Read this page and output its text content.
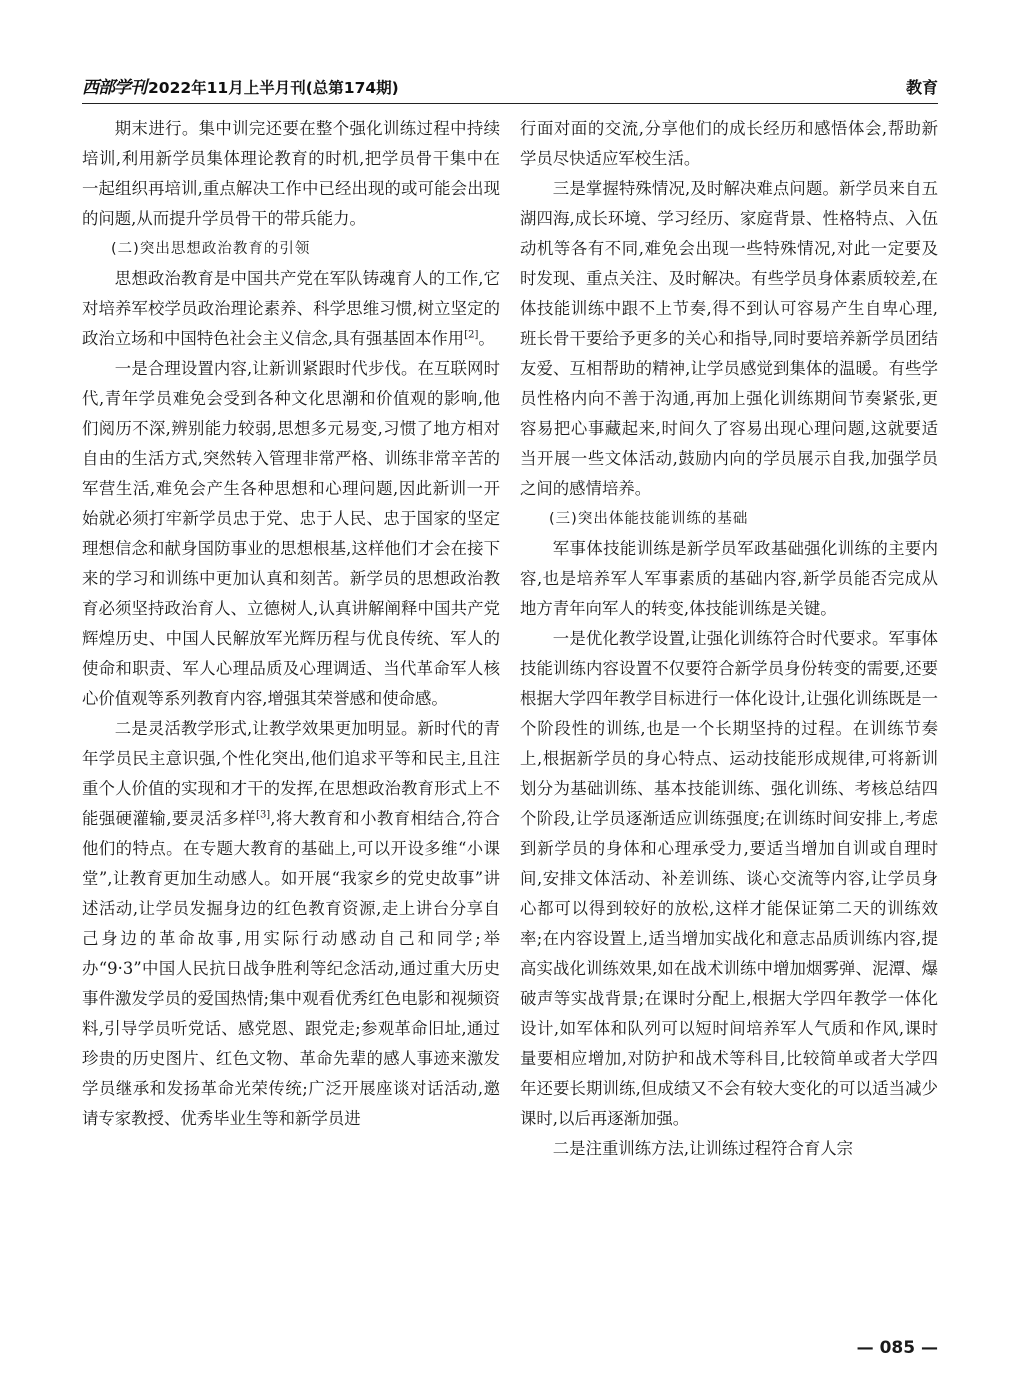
西部学刊 2022年11月上半月刊(总第174期)	教育

期末进行。集中训完还要在整个强化训练过程中持续培训,利用新学员集体理论教育的时机,把学员骨干集中在一起组织再培训,重点解决工作中已经出现的或可能会出现的问题,从而提升学员骨干的带兵能力。

(二)突出思想政治教育的引领

思想政治教育是中国共产党在军队铸魂育人的工作,它对培养军校学员政治理论素养、科学思维习惯,树立坚定的政治立场和中国特色社会主义信念,具有强基固本作用[2]。

一是合理设置内容,让新训紧跟时代步伐。在互联网时代,青年学员难免会受到各种文化思潮和价值观的影响,他们阅历不深,辨别能力较弱,思想多元易变,习惯了地方相对自由的生活方式,突然转入管理非常严格、训练非常辛苦的军营生活,难免会产生各种思想和心理问题,因此新训一开始就必须打牢新学员忠于党、忠于人民、忠于国家的坚定理想信念和献身国防事业的思想根基,这样他们才会在接下来的学习和训练中更加认真和刻苦。新学员的思想政治教育必须坚持政治育人、立德树人,认真讲解阐释中国共产党辉煌历史、中国人民解放军光辉历程与优良传统、军人的使命和职责、军人心理品质及心理调适、当代革命军人核心价值观等系列教育内容,增强其荣誉感和使命感。

二是灵活教学形式,让教学效果更加明显。新时代的青年学员民主意识强,个性化突出,他们追求平等和民主,且注重个人价值的实现和才干的发挥,在思想政治教育形式上不能强硬灌输,要灵活多样[3],将大教育和小教育相结合,符合他们的特点。在专题大教育的基础上,可以开设多维“小课堂”,让教育更加生动感人。如开展“我家乡的党史故事”讲述活动,让学员发掘身边的红色教育资源,走上讲台分享自己身边的革命故事,用实际行动感动自己和同学;举办“9·3”中国人民抗日战争胜利等纪念活动,通过重大历史事件激发学员的爱国热情;集中观看优秀红色电影和视频资料,引导学员听党话、感党恩、跟党走;参观革命旧址,通过珍贵的历史图片、红色文物、革命先辈的感人事迹来激发学员继承和发扬革命光荣传统;广泛开展座谈对话活动,邀请专家教授、优秀毕业生等和新学员进

行面对面的交流,分享他们的成长经历和感悟体会,帮助新学员尽快适应军校生活。

三是掌握特殊情况,及时解决难点问题。新学员来自五湖四海,成长环境、学习经历、家庭背景、性格特点、入伍动机等各有不同,难免会出现一些特殊情况,对此一定要及时发现、重点关注、及时解决。有些学员身体素质较差,在体技能训练中跟不上节奏,得不到认可容易产生自卑心理,班长骨干要给予更多的关心和指导,同时要培养新学员团结友爱、互相帮助的精神,让学员感觉到集体的温暖。有些学员性格内向不善于沟通,再加上强化训练期间节奏紧张,更容易把心事藏起来,时间久了容易出现心理问题,这就要适当开展一些文体活动,鼓励内向的学员展示自我,加强学员之间的感情培养。

(三)突出体能技能训练的基础

军事体技能训练是新学员军政基础强化训练的主要内容,也是培养军人军事素质的基础内容,新学员能否完成从地方青年向军人的转变,体技能训练是关键。

一是优化教学设置,让强化训练符合时代要求。军事体技能训练内容设置不仅要符合新学员身份转变的需要,还要根据大学四年教学目标进行一体化设计,让强化训练既是一个阶段性的训练,也是一个长期坚持的过程。在训练节奏上,根据新学员的身心特点、运动技能形成规律,可将新训划分为基础训练、基本技能训练、强化训练、考核总结四个阶段,让学员逐渐适应训练强度;在训练时间安排上,考虑到新学员的身体和心理承受力,要适当增加自训或自理时间,安排文体活动、补差训练、谈心交流等内容,让学员身心都可以得到较好的放松,这样才能保证第二天的训练效率;在内容设置上,适当增加实战化和意志品质训练内容,提高实战化训练效果,如在战术训练中增加烟雾弹、泥潭、爆破声等实战背景;在课时分配上,根据大学四年教学一体化设计,如军体和队列可以短时间培养军人气质和作风,课时量要相应增加,对防护和战术等科目,比较简单或者大学四年还要长期训练,但成绩又不会有较大变化的可以适当减少课时,以后再逐渐加强。

二是注重训练方法,让训练过程符合育人宗

— 085 —
